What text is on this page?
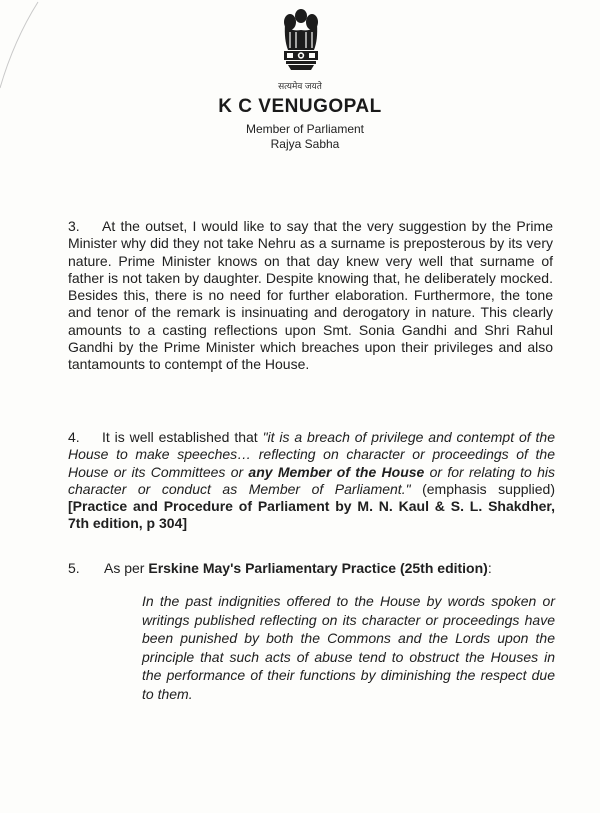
सत्यमेव जयते
K C VENUGOPAL
Member of Parliament
Rajya Sabha
3. At the outset, I would like to say that the very suggestion by the Prime Minister why did they not take Nehru as a surname is preposterous by its very nature. Prime Minister knows on that day knew very well that surname of father is not taken by daughter. Despite knowing that, he deliberately mocked. Besides this, there is no need for further elaboration. Furthermore, the tone and tenor of the remark is insinuating and derogatory in nature. This clearly amounts to a casting reflections upon Smt. Sonia Gandhi and Shri Rahul Gandhi by the Prime Minister which breaches upon their privileges and also tantamounts to contempt of the House.
4. It is well established that "it is a breach of privilege and contempt of the House to make speeches… reflecting on character or proceedings of the House or its Committees or any Member of the House or for relating to his character or conduct as Member of Parliament." (emphasis supplied) [Practice and Procedure of Parliament by M. N. Kaul & S. L. Shakdher, 7th edition, p 304]
5. As per Erskine May's Parliamentary Practice (25th edition):
In the past indignities offered to the House by words spoken or writings published reflecting on its character or proceedings have been punished by both the Commons and the Lords upon the principle that such acts of abuse tend to obstruct the Houses in the performance of their functions by diminishing the respect due to them.
